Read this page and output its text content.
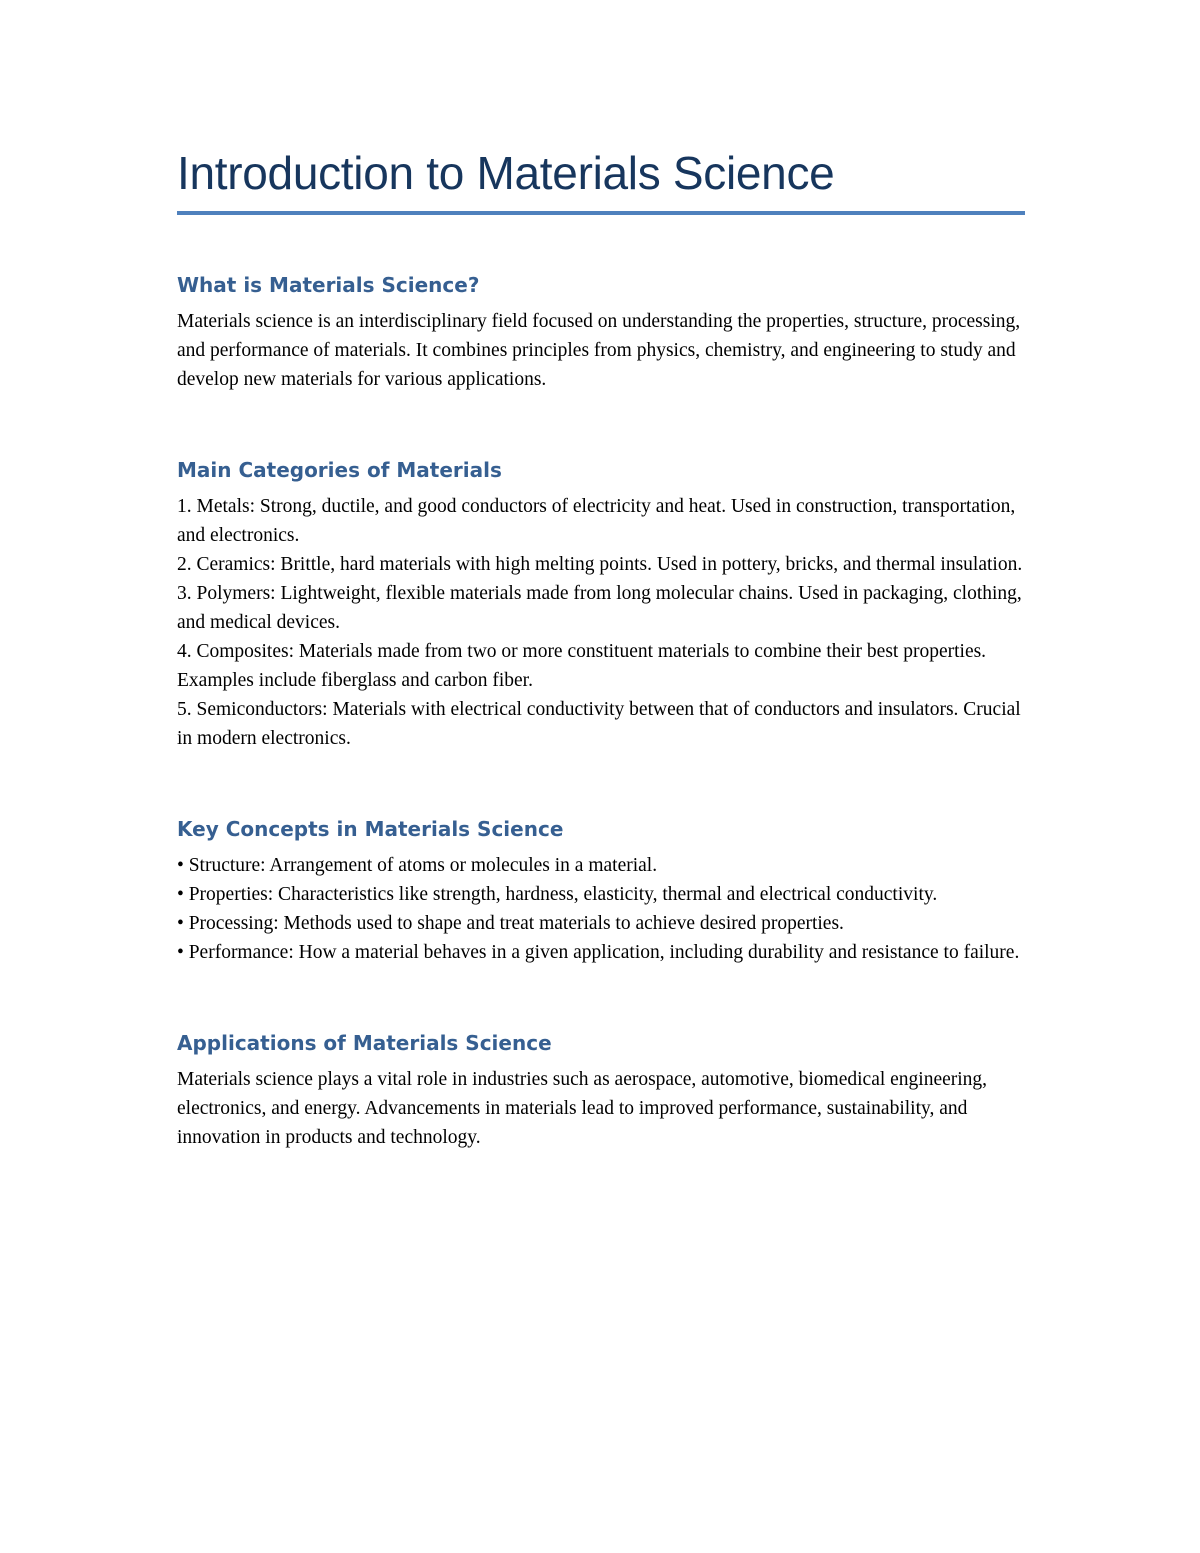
Introduction to Materials Science
What is Materials Science?

Materials science is an interdisciplinary field focused on understanding the properties, structure, processing, and performance of materials. It combines principles from physics, chemistry, and engineering to study and develop new materials for various applications.

Main Categories of Materials
1. Metals: Strong, ductile, and good conductors of electricity and heat. Used in construction, transportation, and electronics.
2. Ceramics: Brittle, hard materials with high melting points. Used in pottery, bricks, and thermal insulation.
3. Polymers: Lightweight, flexible materials made from long molecular chains. Used in packaging, clothing, and medical devices.
4. Composites: Materials made from two or more constituent materials to combine their best properties. Examples include fiberglass and carbon fiber.
5. Semiconductors: Materials with electrical conductivity between that of conductors and insulators. Crucial in modern electronics.
Key Concepts in Materials Science
• Structure: Arrangement of atoms or molecules in a material.
• Properties: Characteristics like strength, hardness, elasticity, thermal and electrical conductivity.
• Processing: Methods used to shape and treat materials to achieve desired properties.
• Performance: How a material behaves in a given application, including durability and resistance to failure.
Applications of Materials Science

Materials science plays a vital role in industries such as aerospace, automotive, biomedical engineering, electronics, and energy. Advancements in materials lead to improved performance, sustainability, and innovation in products and technology.
